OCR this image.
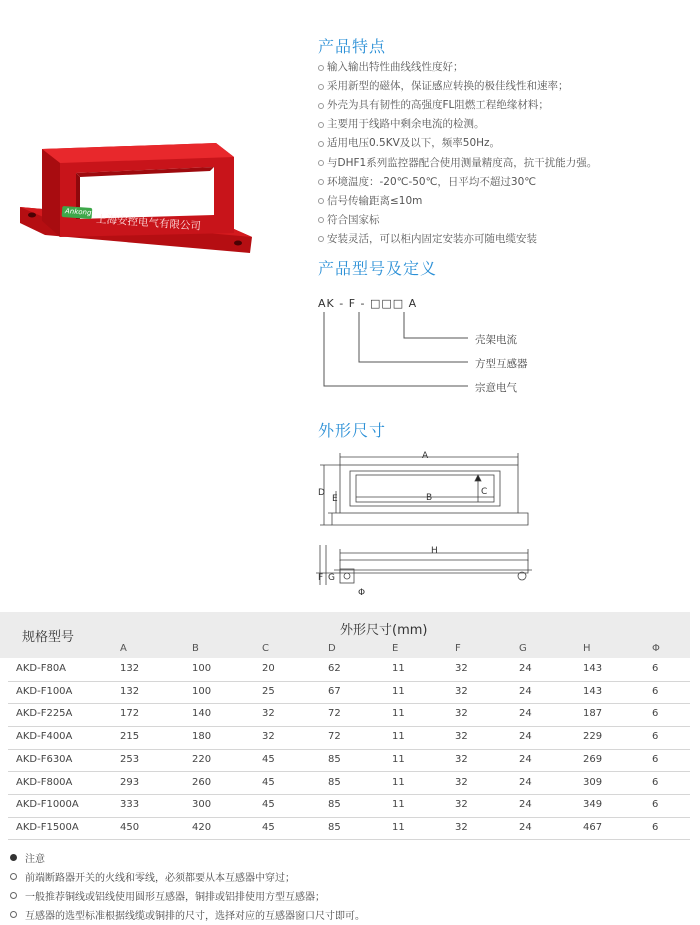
Ankong
上海安控电气有限公司
产品特点
输入输出特性曲线线性度好；
采用新型的磁体，保证感应转换的极佳线性和速率；
外壳为具有韧性的高强度FL阻燃工程绝缘材料；
主要用于线路中剩余电流的检测。
适用电压0.5KV及以下，频率50Hz。
与DHF1系列监控器配合使用测量精度高，抗干扰能力强。
环境温度：-20℃-50℃，日平均不超过30℃
信号传输距离≤10m
符合国家标
安装灵活，可以柜内固定安装亦可随电缆安装
产品型号及定义
AK - F - □□□ A
壳架电流
方型互感器
宗意电气
外形尺寸
A
B
C
D
E
H
F G
Φ
规格型号	外形尺寸(mm)
A	B	C	D	E	F	G	H	Φ
AKD-F80A	132	100	20	62	11	32	24	143	6
AKD-F100A	132	100	25	67	11	32	24	143	6
AKD-F225A	172	140	32	72	11	32	24	187	6
AKD-F400A	215	180	32	72	11	32	24	229	6
AKD-F630A	253	220	45	85	11	32	24	269	6
AKD-F800A	293	260	45	85	11	32	24	309	6
AKD-F1000A	333	300	45	85	11	32	24	349	6
AKD-F1500A	450	420	45	85	11	32	24	467	6
注意
前端断路器开关的火线和零线，必须都要从本互感器中穿过；
一般推荐铜线或铝线使用圆形互感器，铜排或铝排使用方型互感器；
互感器的选型标准根据线缆或铜排的尺寸，选择对应的互感器窗口尺寸即可。
